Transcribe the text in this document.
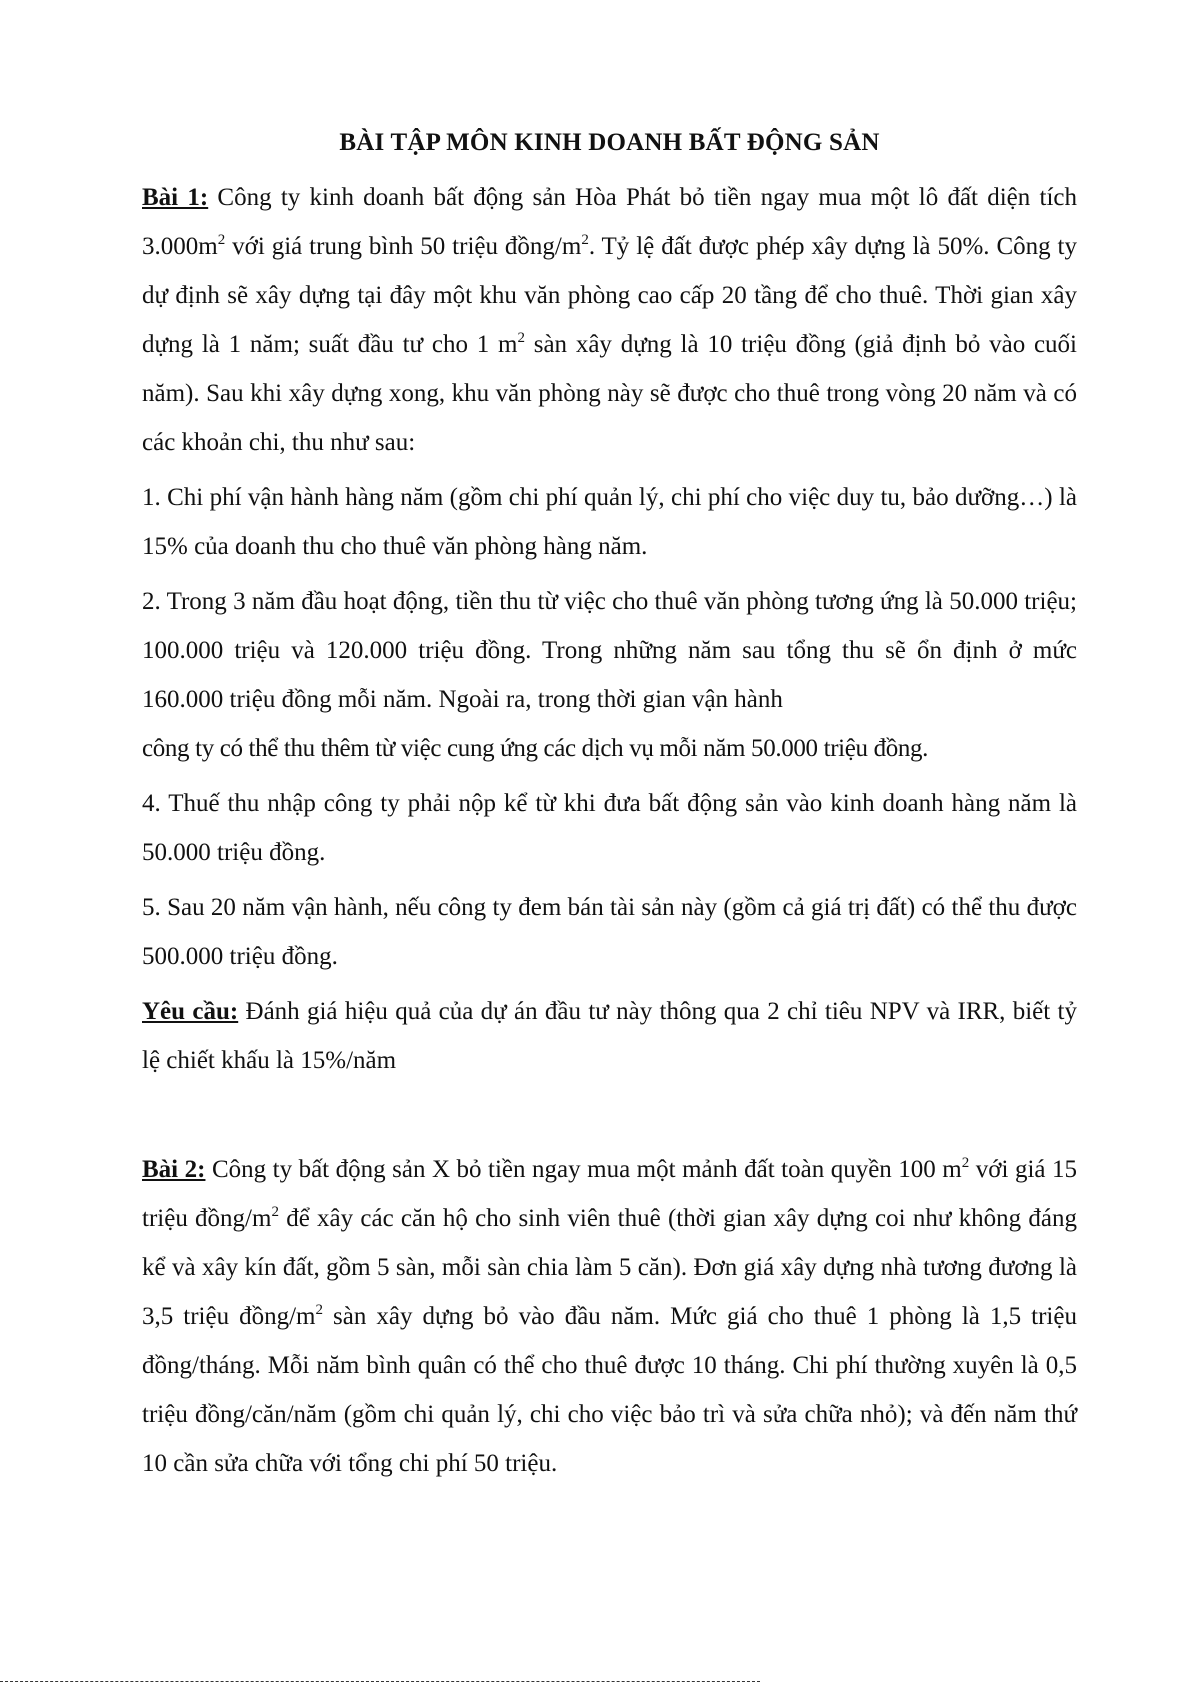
BÀI TẬP MÔN KINH DOANH BẤT ĐỘNG SẢN

Bài 1: Công ty kinh doanh bất động sản Hòa Phát bỏ tiền ngay mua một lô đất diện tích $3.000m^2$ với giá trung bình 50 triệu đồng/$m^2$. Tỷ lệ đất được phép xây dựng là 50%. Công ty dự định sẽ xây dựng tại đây một khu văn phòng cao cấp 20 tầng để cho thuê. Thời gian xây dựng là 1 năm; suất đầu tư cho 1 $m^2$ sàn xây dựng là 10 triệu đồng (giả định bỏ vào cuối năm). Sau khi xây dựng xong, khu văn phòng này sẽ được cho thuê trong vòng 20 năm và có các khoản chi, thu như sau:

1. Chi phí vận hành hàng năm (gồm chi phí quản lý, chi phí cho việc duy tu, bảo dưỡng…) là 15% của doanh thu cho thuê văn phòng hàng năm.

2. Trong 3 năm đầu hoạt động, tiền thu từ việc cho thuê văn phòng tương ứng là 50.000 triệu; 100.000 triệu và 120.000 triệu đồng. Trong những năm sau tổng thu sẽ ổn định ở mức 160.000 triệu đồng mỗi năm. Ngoài ra, trong thời gian vận hành

công ty có thể thu thêm từ việc cung ứng các dịch vụ mỗi năm 50.000 triệu đồng.

4. Thuế thu nhập công ty phải nộp kể từ khi đưa bất động sản vào kinh doanh hàng năm là 50.000 triệu đồng.

5. Sau 20 năm vận hành, nếu công ty đem bán tài sản này (gồm cả giá trị đất) có thể thu được 500.000 triệu đồng.

Yêu cầu: Đánh giá hiệu quả của dự án đầu tư này thông qua 2 chỉ tiêu NPV và IRR, biết tỷ lệ chiết khấu là 15%/năm

Bài 2: Công ty bất động sản X bỏ tiền ngay mua một mảnh đất toàn quyền 100 $m^2$ với giá 15 triệu đồng/$m^2$ để xây các căn hộ cho sinh viên thuê (thời gian xây dựng coi như không đáng kể và xây kín đất, gồm 5 sàn, mỗi sàn chia làm 5 căn). Đơn giá xây dựng nhà tương đương là 3,5 triệu đồng/$m^2$ sàn xây dựng bỏ vào đầu năm. Mức giá cho thuê 1 phòng là 1,5 triệu đồng/tháng. Mỗi năm bình quân có thể cho thuê được 10 tháng. Chi phí thường xuyên là 0,5 triệu đồng/căn/năm (gồm chi quản lý, chi cho việc bảo trì và sửa chữa nhỏ); và đến năm thứ 10 cần sửa chữa với tổng chi phí 50 triệu.
